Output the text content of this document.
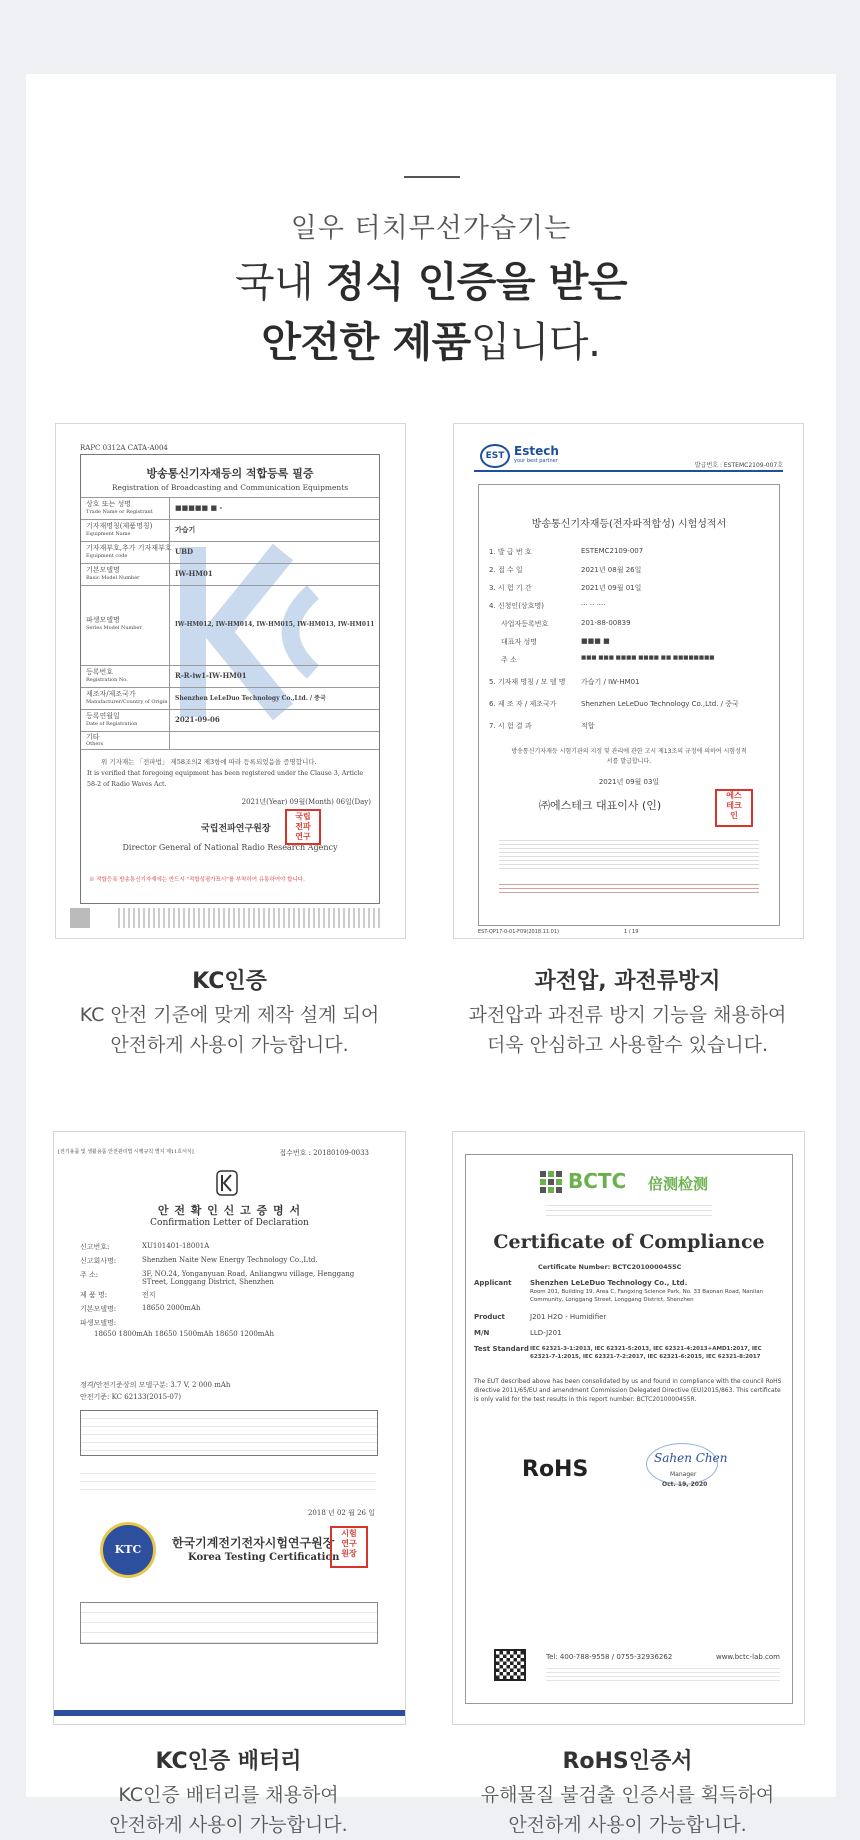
일우 터치무선가습기는
국내 정식 인증을 받은
안전한 제품입니다.
RAPC 0312A CATA-A004
방송통신기자재등의 적합등록 필증
Registration of Broadcasting and Communication Equipments
상호 또는 성명
Trade Name or Registrant	■■■■■ ■ -
기자재명칭(제품명칭)
Equipment Name	가습기
기자재부호,추가 기자재부호
Equipment code	UBD
기본모델명
Basic Model Number	IW-HM01
파생모델명
Series Model Number	IW-HM012, IW-HM014, IW-HM015, IW-HM013, IW-HM011
등록번호
Registration No.	R-R-iw1-IW-HM01
제조자/제조국가
Manufacturer/Country of Origin Shenzhen LeLeDuo Technology Co.,Ltd. / 중국
등록연월일
Date of Registration	2021-09-06
기타
Others
위 기자재는 「전파법」 제58조의2 제3항에 따라 등록되었음을 증명합니다.
It is verified that foregoing equipment has been registered under the Clause 3, Article 58-2 of Radio Waves Act.
2021년(Year) 09월(Month) 06일(Day)
국립전파연구원장
Director General of National Radio Research Agency
국립
전파
연구
※ 적합등록 방송통신기자재에는 반드시 "적합성평가표시"를 부착하여 유통하여야 합니다.
KC인증
KC 안전 기준에 맞게 제작 설계 되어
안전하게 사용이 가능합니다.
EST Estech
your best partner
발급번호 : ESTEMC2109-007호
방송통신기자재등(전자파적합성) 시험성적서
1. 발 급 번 호	ESTEMC2109-007
2. 접 수 일	2021년 08월 26일
3. 시 험 기 간	2021년 09월 01일
4. 신청인(상호명)	··· ·· ····
사업자등록번호	201-88-00839
대표자 성명	■■■ ■
주 소	■■■ ■■■ ■■■■ ■■■■ ■■ ■■■■■■■■
5. 기자재 명칭 / 모 델 명 가습기 / IW-HM01
6. 제 조 자 / 제조국가	Shenzhen LeLeDuo Technology Co.,Ltd. / 중국
7. 시 험 결 과	적합
방송통신기자재등 시험기관의 지정 및 관리에 관한 고시 제13조의 규정에 의하여 시험성적서를 발급합니다.
2021년 09월 03일
㈜에스테크 대표이사 (인)
에스
테크
인
EST-QP17-0-01-F09(2018.11.01)	1 / 19
과전압, 과전류방지
과전압과 과전류 방지 기능을 채용하여
더욱 안심하고 사용할수 있습니다.
[전기용품 및 생활용품 안전관리법 시행규칙 별지 제11호서식]	접수번호 : 20180109-0033
안 전 확 인 신 고 증 명 서
Confirmation Letter of Declaration
신고번호:	XU101401-18001A
신고회사명:	Shenzhen Naite New Energy Technology Co.,Ltd.
주 소:	3F, NO.24, Yonganyuan Road, Anliangwu village, Henggang STreet, Longgang District, Shenzhen
제 품 명:	전지
기본모델명:	18650 2000mAh
파생모델명:
18650 1800mAh 18650 1500mAh 18650 1200mAh
정격/안전기준상의 모델구분: 3.7 V, 2 000 mAh
안전기준: KC 62133(2015-07)
2018 년 02 월 26 일
KTC	한국기계전기전자시험연구원장
Korea Testing Certification
시험
연구
원장
KC인증 배터리
KC인증 배터리를 채용하여
안전하게 사용이 가능합니다.
BCTC 倍测检测
Certificate of Compliance
Certificate Number: BCTC2010000455C
Applicant	Shenzhen LeLeDuo Technology Co., Ltd.
Room 201, Building 19, Area C, Fangxing Science Park, No. 33 Baonan Road, Nanlian Community, Longgang Street, Longgang District, Shenzhen
Product	J201 H2O - Humidifier
M/N	LLD-J201
Test Standard IEC 62321-3-1:2013, IEC 62321-5:2013, IEC 62321-4:2013+AMD1:2017, IEC 62321-7-1:2015, IEC 62321-7-2:2017, IEC 62321-6:2015, IEC 62321-8:2017
The EUT described above has been consolidated by us and found in compliance with the council RoHS directive 2011/65/EU and amendment Commission Delegated Directive (EU)2015/863. This certificate is only valid for the test results in this report number: BCTC2010000455R.
RoHS	Sahen Chen
Manager
Oct. 19, 2020
Tel: 400-788-9558 / 0755-32936262	www.bctc-lab.com
RoHS인증서
유해물질 불검출 인증서를 획득하여
안전하게 사용이 가능합니다.
